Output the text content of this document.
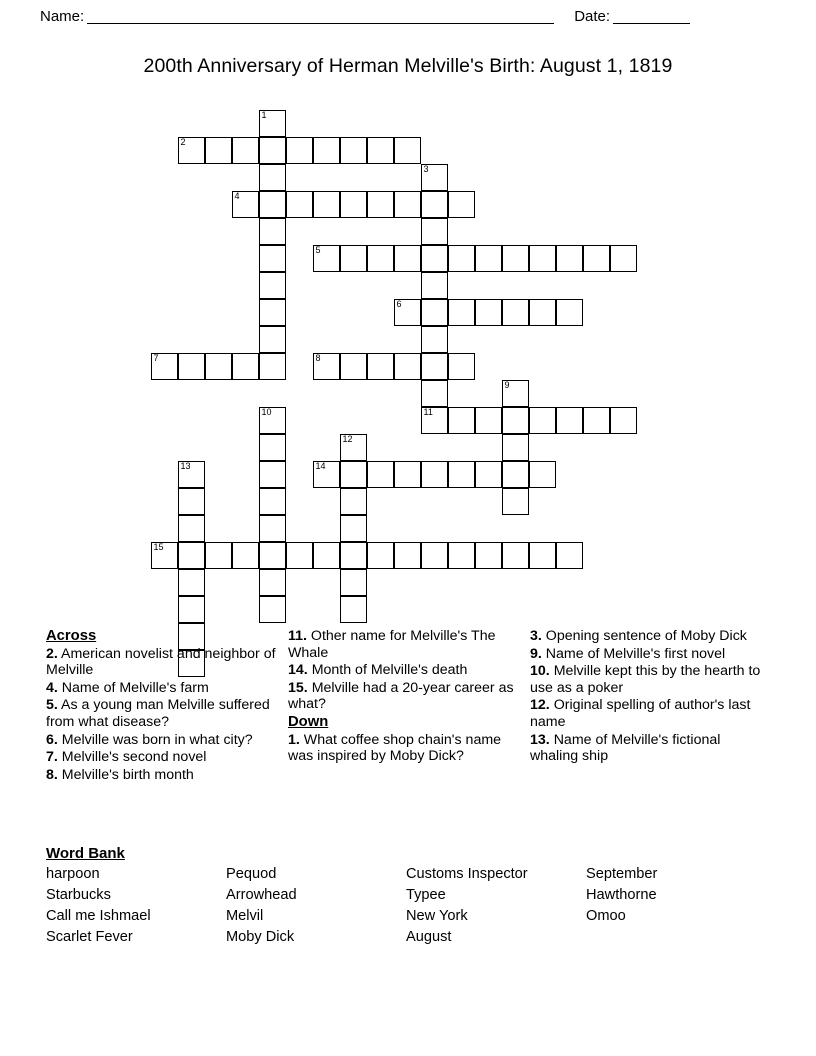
Name:	Date:
200th Anniversary of Herman Melville's Birth: August 1, 1819
1
2
3
4
5
6
7	8
9
10	11
12
13	14
15
Across
2. American novelist and neighbor of Melville
4. Name of Melville's farm
5. As a young man Melville suffered from what disease?
6. Melville was born in what city?
7. Melville's second novel
8. Melville's birth month
11. Other name for Melville's The Whale
14. Month of Melville's death
15. Melville had a 20-year career as what?
Down
1. What coffee shop chain's name was inspired by Moby Dick?
3. Opening sentence of Moby Dick
9. Name of Melville's first novel
10. Melville kept this by the hearth to use as a poker
12. Original spelling of author's last name
13. Name of Melville's fictional whaling ship
Word Bank
harpoon	Pequod	Customs Inspector	September
Starbucks	Arrowhead	Typee	Hawthorne
Call me Ishmael	Melvil	New York	Omoo
Scarlet Fever	Moby Dick	August
